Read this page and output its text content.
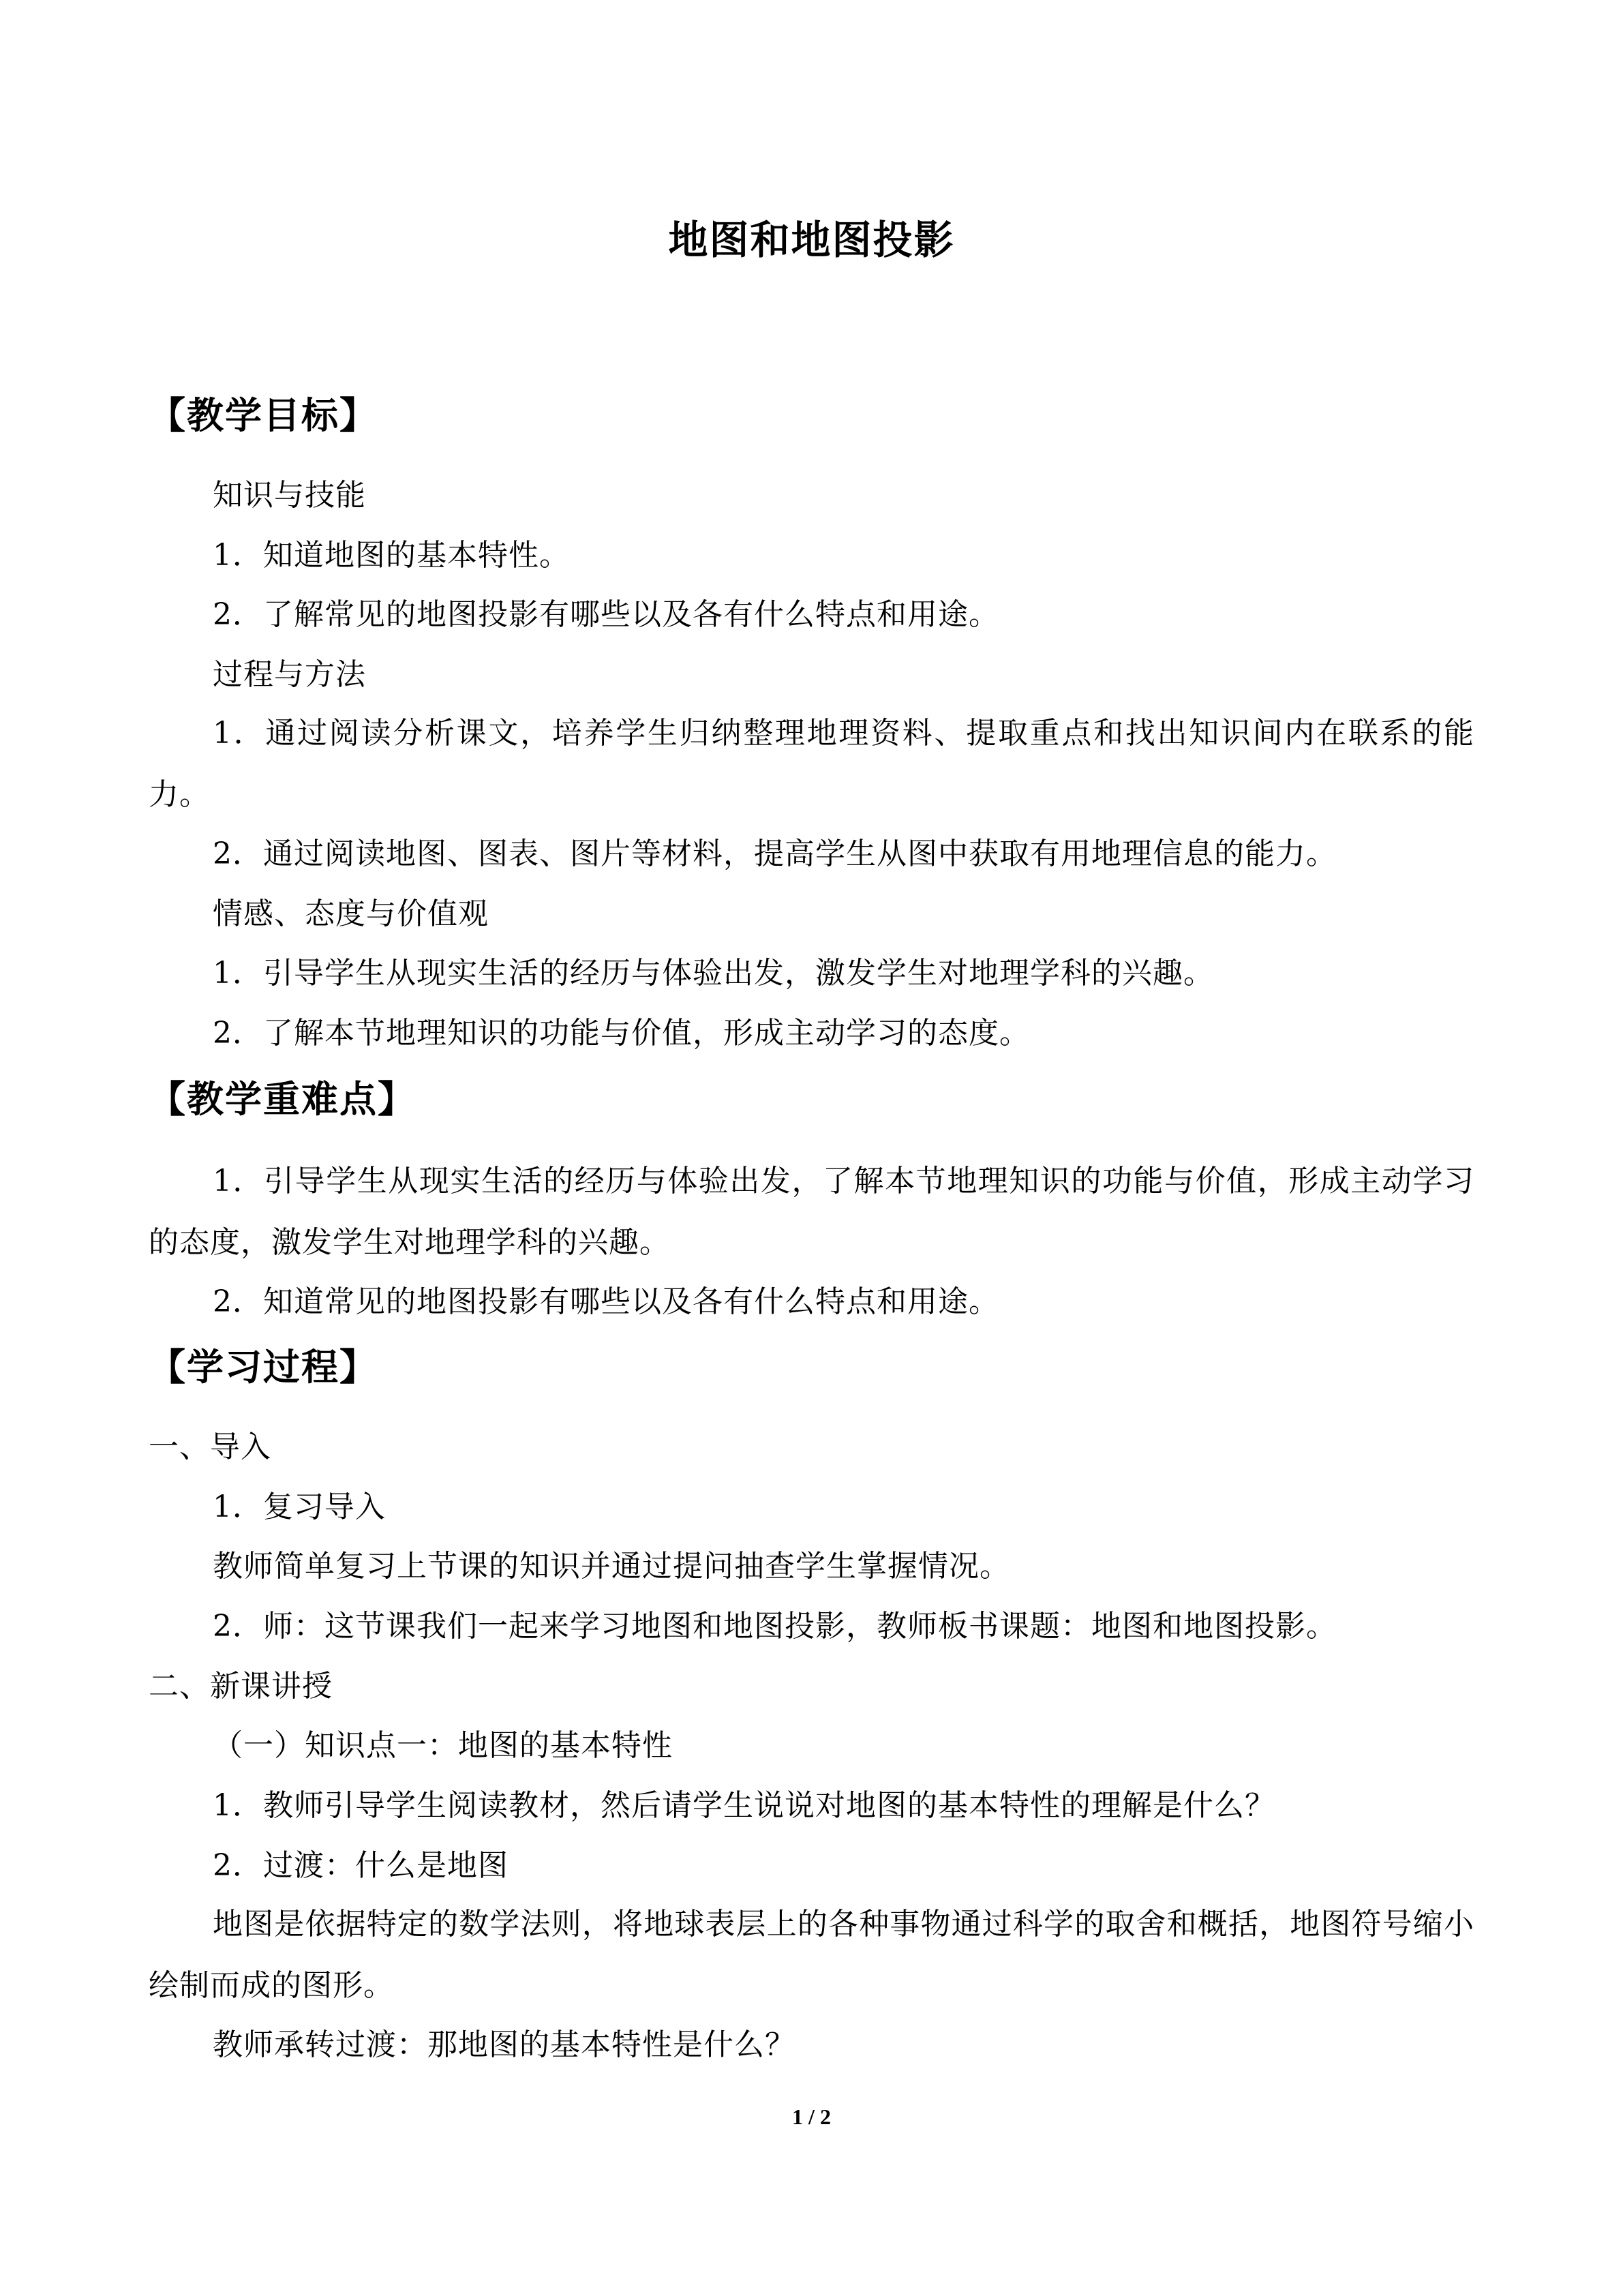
地图和地图投影
【教学目标】
知识与技能
1．知道地图的基本特性。
2．了解常见的地图投影有哪些以及各有什么特点和用途。
过程与方法
1．通过阅读分析课文，培养学生归纳整理地理资料、提取重点和找出知识间内在联系的能力。
2．通过阅读地图、图表、图片等材料，提高学生从图中获取有用地理信息的能力。
情感、态度与价值观
1．引导学生从现实生活的经历与体验出发，激发学生对地理学科的兴趣。
2．了解本节地理知识的功能与价值，形成主动学习的态度。
【教学重难点】
1．引导学生从现实生活的经历与体验出发，了解本节地理知识的功能与价值，形成主动学习的态度，激发学生对地理学科的兴趣。
2．知道常见的地图投影有哪些以及各有什么特点和用途。
【学习过程】
一、导入
1．复习导入
教师简单复习上节课的知识并通过提问抽查学生掌握情况。
2．师：这节课我们一起来学习地图和地图投影，教师板书课题：地图和地图投影。
二、新课讲授
（一）知识点一：地图的基本特性
1．教师引导学生阅读教材，然后请学生说说对地图的基本特性的理解是什么？
2．过渡：什么是地图
地图是依据特定的数学法则，将地球表层上的各种事物通过科学的取舍和概括，地图符号缩小绘制而成的图形。
教师承转过渡：那地图的基本特性是什么？
1 / 2
